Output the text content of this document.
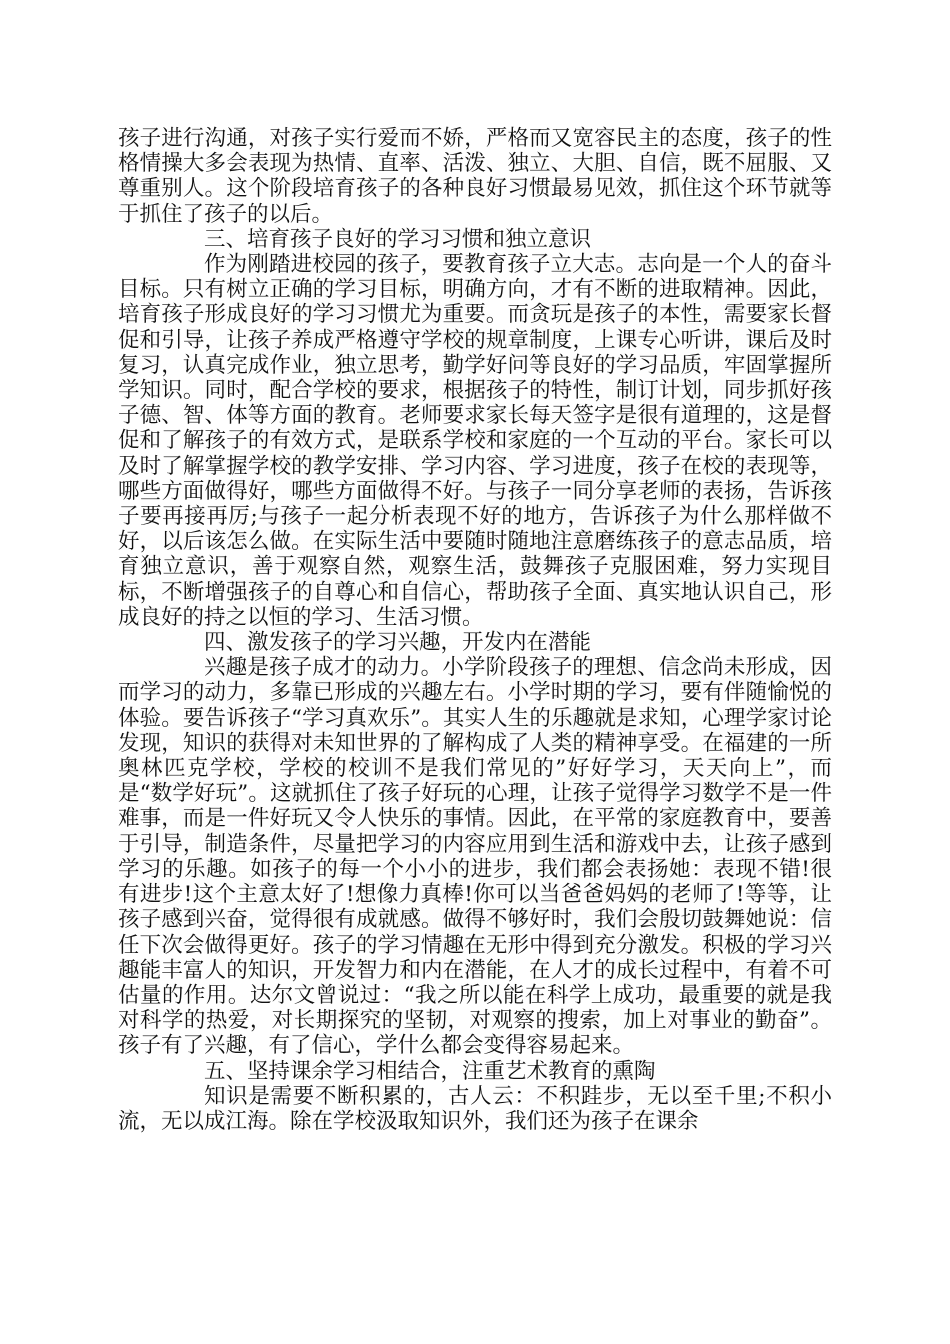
孩子进行沟通，对孩子实行爱而不娇，严格而又宽容民主的态度，孩子的性格情操大多会表现为热情、直率、活泼、独立、大胆、自信，既不屈服、又尊重别人。这个阶段培育孩子的各种良好习惯最易见效，抓住这个环节就等于抓住了孩子的以后。

三、培育孩子良好的学习习惯和独立意识

作为刚踏进校园的孩子，要教育孩子立大志。志向是一个人的奋斗目标。只有树立正确的学习目标，明确方向，才有不断的进取精神。因此，培育孩子形成良好的学习习惯尤为重要。而贪玩是孩子的本性，需要家长督促和引导，让孩子养成严格遵守学校的规章制度，上课专心听讲，课后及时复习，认真完成作业，独立思考，勤学好问等良好的学习品质，牢固掌握所学知识。同时，配合学校的要求，根据孩子的特性，制订计划，同步抓好孩子德、智、体等方面的教育。老师要求家长每天签字是很有道理的，这是督促和了解孩子的有效方式，是联系学校和家庭的一个互动的平台。家长可以及时了解掌握学校的教学安排、学习内容、学习进度，孩子在校的表现等，哪些方面做得好，哪些方面做得不好。与孩子一同分享老师的表扬，告诉孩子要再接再厉;与孩子一起分析表现不好的地方，告诉孩子为什么那样做不好，以后该怎么做。在实际生活中要随时随地注意磨练孩子的意志品质，培育独立意识，善于观察自然，观察生活，鼓舞孩子克服困难，努力实现目标，不断增强孩子的自尊心和自信心，帮助孩子全面、真实地认识自己，形成良好的持之以恒的学习、生活习惯。

四、激发孩子的学习兴趣，开发内在潜能

兴趣是孩子成才的动力。小学阶段孩子的理想、信念尚未形成，因而学习的动力，多靠已形成的兴趣左右。小学时期的学习，要有伴随愉悦的体验。要告诉孩子“学习真欢乐”。其实人生的乐趣就是求知，心理学家讨论发现，知识的获得对未知世界的了解构成了人类的精神享受。在福建的一所奥林匹克学校，学校的校训不是我们常见的”好好学习，天天向上”，而是“数学好玩”。这就抓住了孩子好玩的心理，让孩子觉得学习数学不是一件难事，而是一件好玩又令人快乐的事情。因此，在平常的家庭教育中，要善于引导，制造条件，尽量把学习的内容应用到生活和游戏中去，让孩子感到学习的乐趣。如孩子的每一个小小的进步，我们都会表扬她：表现不错!很有进步!这个主意太好了!想像力真棒!你可以当爸爸妈妈的老师了!等等，让孩子感到兴奋，觉得很有成就感。做得不够好时，我们会殷切鼓舞她说：信任下次会做得更好。孩子的学习情趣在无形中得到充分激发。积极的学习兴趣能丰富人的知识，开发智力和内在潜能，在人才的成长过程中，有着不可估量的作用。达尔文曾说过：“我之所以能在科学上成功，最重要的就是我对科学的热爱，对长期探究的坚韧，对观察的搜索，加上对事业的勤奋”。孩子有了兴趣，有了信心，学什么都会变得容易起来。

五、坚持课余学习相结合，注重艺术教育的熏陶

知识是需要不断积累的，古人云：不积跬步，无以至千里;不积小流，无以成江海。除在学校汲取知识外，我们还为孩子在课余
